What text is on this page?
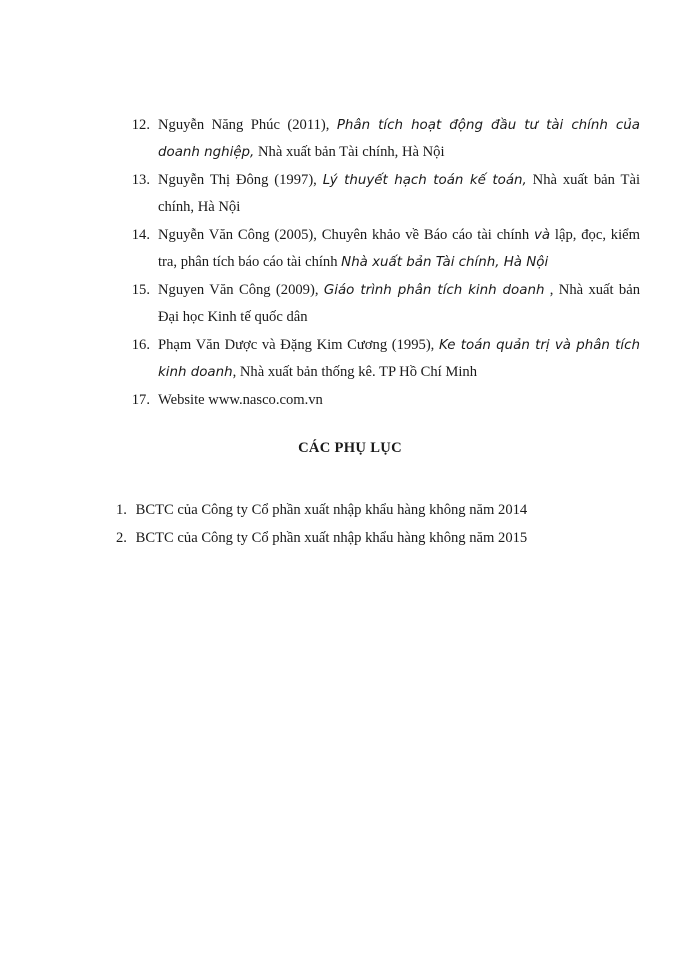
12. Nguyễn Năng Phúc (2011), Phân tích hoạt động đầu tư tài chính của doanh nghiệp, Nhà xuất bản Tài chính, Hà Nội
13. Nguyễn Thị Đông (1997), Lý thuyết hạch toán kế toán, Nhà xuất bản Tài chính, Hà Nội
14. Nguyễn Văn Công (2005), Chuyên khảo về Báo cáo tài chính và lập, đọc, kiểm tra, phân tích báo cáo tài chính Nhà xuất bản Tài chính, Hà Nội
15. Nguyen Văn Công (2009), Giáo trình phân tích kinh doanh , Nhà xuất bản Đại học Kinh tế quốc dân
16. Phạm Văn Dược và Đặng Kim Cương (1995), Ke toán quản trị và phân tích kinh doanh, Nhà xuất bản thống kê. TP Hồ Chí Minh
17. Website www.nasco.com.vn
CÁC PHỤ LỤC
1. BCTC của Công ty Cổ phần xuất nhập khẩu hàng không năm 2014
2. BCTC của Công ty Cổ phần xuất nhập khẩu hàng không năm 2015
